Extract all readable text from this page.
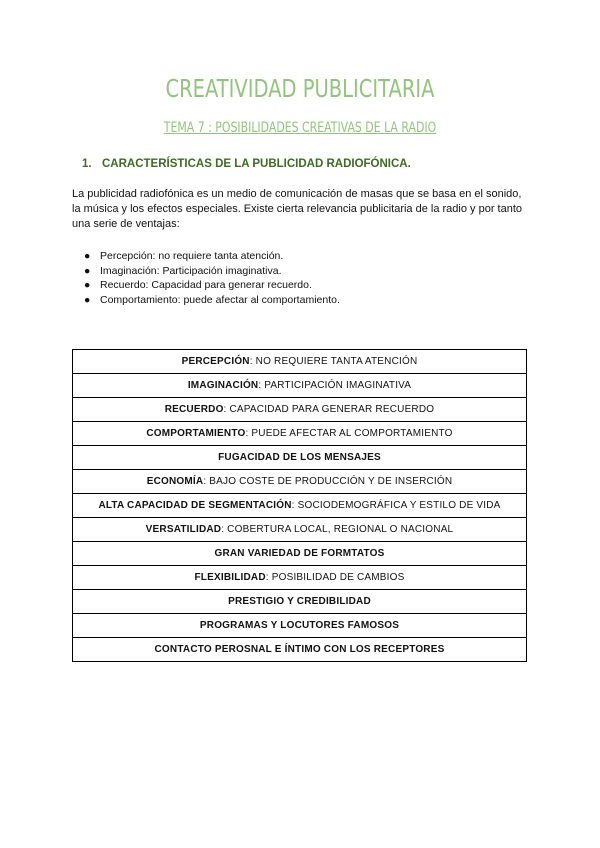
CREATIVIDAD PUBLICITARIA
TEMA 7 : POSIBILIDADES CREATIVAS DE LA RADIO
1. CARACTERÍSTICAS DE LA PUBLICIDAD RADIOFÓNICA.
La publicidad radiofónica es un medio de comunicación de masas que se basa en el sonido, la música y los efectos especiales. Existe cierta relevancia publicitaria de la radio y por tanto una serie de ventajas:
● Percepción: no requiere tanta atención.
● Imaginación: Participación imaginativa.
● Recuerdo: Capacidad para generar recuerdo.
● Comportamiento: puede afectar al comportamiento.
PERCEPCIÓN: NO REQUIERE TANTA ATENCIÓN
IMAGINACIÓN: PARTICIPACIÓN IMAGINATIVA
RECUERDO: CAPACIDAD PARA GENERAR RECUERDO
COMPORTAMIENTO: PUEDE AFECTAR AL COMPORTAMIENTO
FUGACIDAD DE LOS MENSAJES
ECONOMÍA: BAJO COSTE DE PRODUCCIÓN Y DE INSERCIÓN
ALTA CAPACIDAD DE SEGMENTACIÓN: SOCIODEMOGRÁFICA Y ESTILO DE VIDA
VERSATILIDAD: COBERTURA LOCAL, REGIONAL O NACIONAL
GRAN VARIEDAD DE FORMTATOS
FLEXIBILIDAD: POSIBILIDAD DE CAMBIOS
PRESTIGIO Y CREDIBILIDAD
PROGRAMAS Y LOCUTORES FAMOSOS
CONTACTO PEROSNAL E ÍNTIMO CON LOS RECEPTORES
